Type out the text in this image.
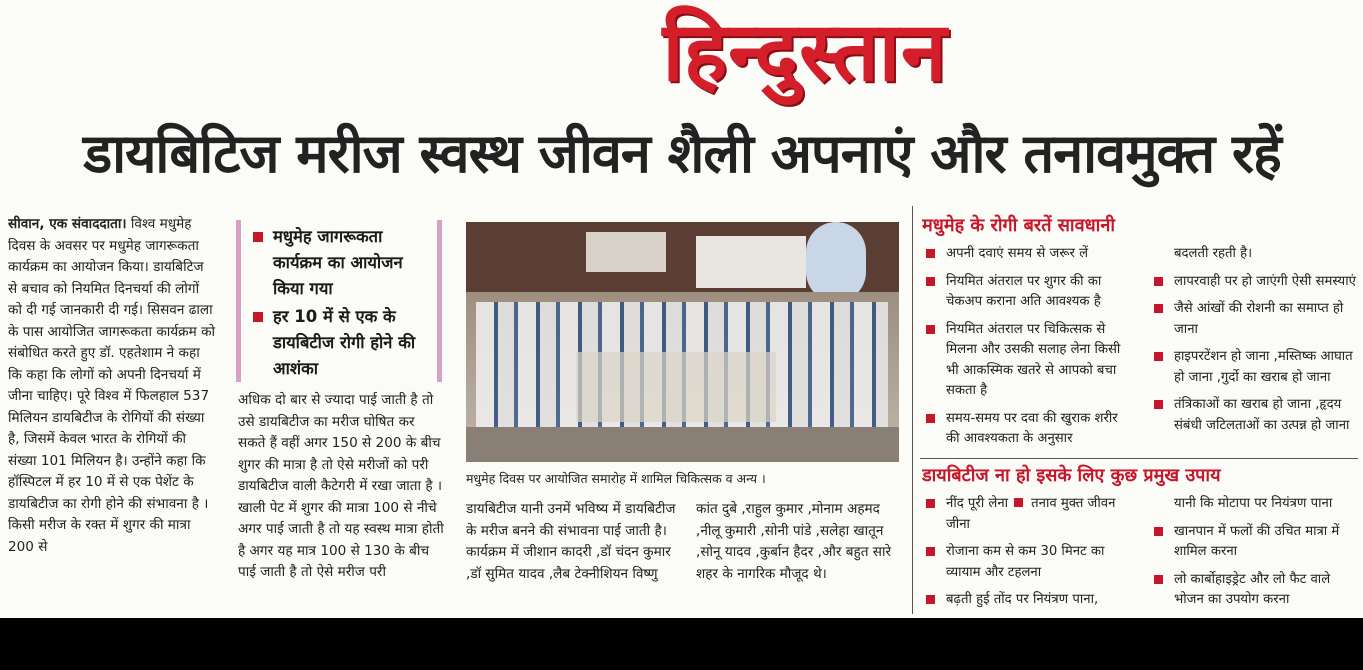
हिन्दुस्तान
डायबिटिज मरीज स्वस्थ जीवन शैली अपनाएं और तनावमुक्त रहें
सीवान, एक संवाददाता। विश्व मधुमेह दिवस के अवसर पर मधुमेह जागरूकता कार्यक्रम का आयोजन किया। डायबिटिज से बचाव को नियमित दिनचर्या की लोगों को दी गई जानकारी दी गई। सिसवन ढाला के पास आयोजित जागरूकता कार्यक्रम को संबोधित करते हुए डॉ. एहतेशाम ने कहा कि कहा कि लोगों को अपनी दिनचर्या में जीना चाहिए। पूरे विश्व में फिलहाल 537 मिलियन डायबिटीज के रोगियों की संख्या है, जिसमें केवल भारत के रोगियों की संख्या 101 मिलियन है। उन्होंने कहा कि हॉस्पिटल में हर 10 में से एक पेशेंट के डायबिटीज का रोगी होने की संभावना है । किसी मरीज के रक्त में शुगर की मात्रा 200 से
मधुमेह जागरूकता कार्यक्रम का आयोजन किया गया
हर 10 में से एक के डायबिटीज रोगी होने की आशंका
अधिक दो बार से ज्यादा पाई जाती है तो उसे डायबिटीज का मरीज घोषित कर सकते हैं वहीं अगर 150 से 200 के बीच शुगर की मात्रा है तो ऐसे मरीजों को परी डायबिटीज वाली कैटेगरी में रखा जाता है । खाली पेट में शुगर की मात्रा 100 से नीचे अगर पाई जाती है तो यह स्वस्थ मात्रा होती है अगर यह मात्र 100 से 130 के बीच पाई जाती है तो ऐसे मरीज परी
मधुमेह दिवस पर आयोजित समारोह में शामिल चिकित्सक व अन्य ।
डायबिटीज यानी उनमें भविष्य में डायबिटीज के मरीज बनने की संभावना पाई जाती है। कार्यक्रम में जीशान कादरी ,डॉ चंदन कुमार ,डॉ सुमित यादव ,लैब टेक्नीशियन विष्णु
कांत दुबे ,राहुल कुमार ,मोनाम अहमद ,नीलू कुमारी ,सोनी पांडे ,सलेहा खातून ,सोनू यादव ,कुर्बान हैदर ,और बहुत सारे शहर के नागरिक मौजूद थे।
मधुमेह के रोगी बरतें सावधानी
अपनी दवाएं समय से जरूर लें
नियमित अंतराल पर शुगर की का चेकअप कराना अति आवश्यक है
नियमित अंतराल पर चिकित्सक से मिलना और उसकी सलाह लेना किसी भी आकस्मिक खतरे से आपको बचा सकता है
समय-समय पर दवा की खुराक शरीर की आवश्यकता के अनुसार
बदलती रहती है।
लापरवाही पर हो जाएंगी ऐसी समस्याएं
जैसे आंखों की रोशनी का समाप्त हो जाना
हाइपरटेंशन हो जाना ,मस्तिष्क आघात हो जाना ,गुर्दो का खराब हो जाना
तंत्रिकाओं का खराब हो जाना ,हृदय संबंधी जटिलताओं का उत्पन्न हो जाना
डायबिटीज ना हो इसके लिए कुछ प्रमुख उपाय
नींद पूरी लेना तनाव मुक्त जीवन जीना
रोजाना कम से कम 30 मिनट का व्यायाम और टहलना
बढ़ती हुई तोंद पर नियंत्रण पाना,
यानी कि मोटापा पर नियंत्रण पाना
खानपान में फलों की उचित मात्रा में शामिल करना
लो कार्बोहाइड्रेट और लो फैट वाले भोजन का उपयोग करना
